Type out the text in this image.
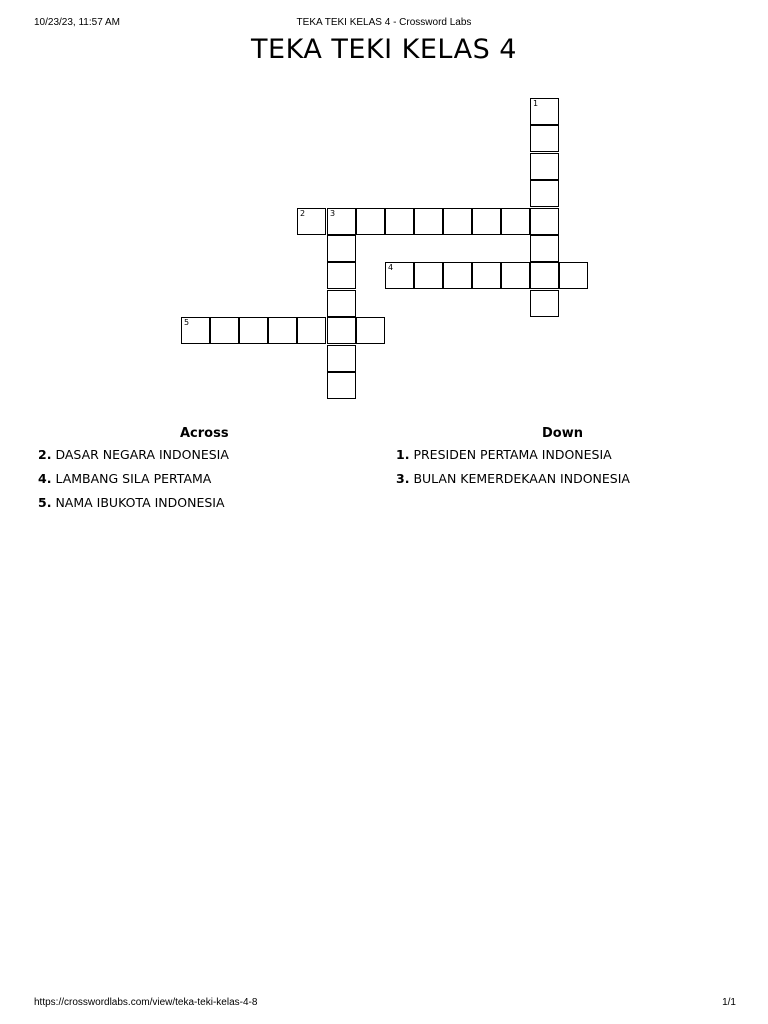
10/23/23, 11:57 AM	TEKA TEKI KELAS 4 - Crossword Labs
TEKA TEKI KELAS 4
1
2	3
4
5
Across	Down
2. DASAR NEGARA INDONESIA
4. LAMBANG SILA PERTAMA
5. NAMA IBUKOTA INDONESIA
1. PRESIDEN PERTAMA INDONESIA
3. BULAN KEMERDEKAAN INDONESIA
https://crosswordlabs.com/view/teka-teki-kelas-4-8	1/1
